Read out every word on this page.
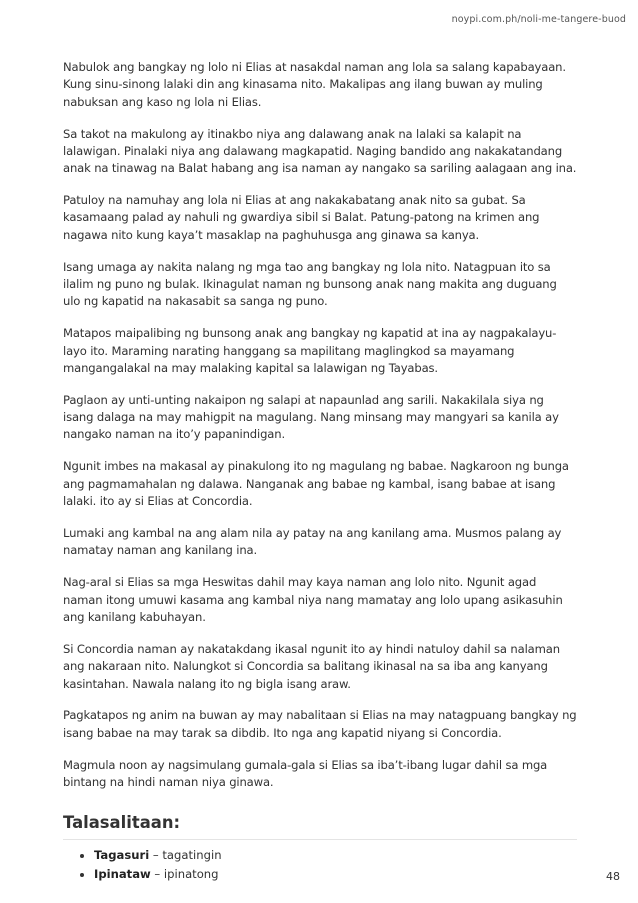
noypi.com.ph/noli-me-tangere-buod

Nabulok ang bangkay ng lolo ni Elias at nasakdal naman ang lola sa salang kapabayaan. Kung sinu-sinong lalaki din ang kinasama nito. Makalipas ang ilang buwan ay muling nabuksan ang kaso ng lola ni Elias.

Sa takot na makulong ay itinakbo niya ang dalawang anak na lalaki sa kalapit na lalawigan. Pinalaki niya ang dalawang magkapatid. Naging bandido ang nakakatandang anak na tinawag na Balat habang ang isa naman ay nangako sa sariling aalagaan ang ina.

Patuloy na namuhay ang lola ni Elias at ang nakakabatang anak nito sa gubat. Sa kasamaang palad ay nahuli ng gwardiya sibil si Balat. Patung-patong na krimen ang nagawa nito kung kaya’t masaklap na paghuhusga ang ginawa sa kanya.

Isang umaga ay nakita nalang ng mga tao ang bangkay ng lola nito. Natagpuan ito sa ilalim ng puno ng bulak. Ikinagulat naman ng bunsong anak nang makita ang duguang ulo ng kapatid na nakasabit sa sanga ng puno.

Matapos maipalibing ng bunsong anak ang bangkay ng kapatid at ina ay nagpakalayu-layo ito. Maraming narating hanggang sa mapilitang maglingkod sa mayamang mangangalakal na may malaking kapital sa lalawigan ng Tayabas.

Paglaon ay unti-unting nakaipon ng salapi at napaunlad ang sarili. Nakakilala siya ng isang dalaga na may mahigpit na magulang. Nang minsang may mangyari sa kanila ay nangako naman na ito’y papanindigan.

Ngunit imbes na makasal ay pinakulong ito ng magulang ng babae. Nagkaroon ng bunga ang pagmamahalan ng dalawa. Nanganak ang babae ng kambal, isang babae at isang lalaki. ito ay si Elias at Concordia.

Lumaki ang kambal na ang alam nila ay patay na ang kanilang ama. Musmos palang ay namatay naman ang kanilang ina.

Nag-aral si Elias sa mga Heswitas dahil may kaya naman ang lolo nito. Ngunit agad naman itong umuwi kasama ang kambal niya nang mamatay ang lolo upang asikasuhin ang kanilang kabuhayan.

Si Concordia naman ay nakatakdang ikasal ngunit ito ay hindi natuloy dahil sa nalaman ang nakaraan nito. Nalungkot si Concordia sa balitang ikinasal na sa iba ang kanyang kasintahan. Nawala nalang ito ng bigla isang araw.

Pagkatapos ng anim na buwan ay may nabalitaan si Elias na may natagpuang bangkay ng isang babae na may tarak sa dibdib. Ito nga ang kapatid niyang si Concordia.

Magmula noon ay nagsimulang gumala-gala si Elias sa iba’t-ibang lugar dahil sa mga bintang na hindi naman niya ginawa.

Talasalitaan:
• Tagasuri – tagatingin
• Ipinataw – ipinatong	48
